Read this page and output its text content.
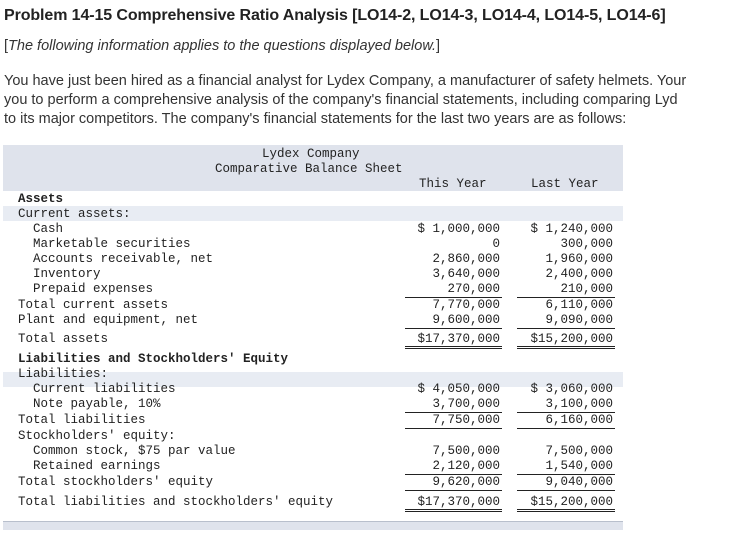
Problem 14-15 Comprehensive Ratio Analysis [LO14-2, LO14-3, LO14-4, LO14-5, LO14-6]
[The following information applies to the questions displayed below.]
You have just been hired as a financial analyst for Lydex Company, a manufacturer of safety helmets. Your
you to perform a comprehensive analysis of the company's financial statements, including comparing Lyd
to its major competitors. The company's financial statements for the last two years are as follows:
Lydex Company
Comparative Balance Sheet
This Year	Last Year
Assets
Current assets:
Cash	$ 1,000,000	$ 1,240,000
Marketable securities	0	300,000
Accounts receivable, net	2,860,000	1,960,000
Inventory	3,640,000	2,400,000
Prepaid expenses	270,000	210,000
Total current assets	7,770,000	6,110,000
Plant and equipment, net	9,600,000	9,090,000
Total assets	$17,370,000	$15,200,000
Liabilities and Stockholders' Equity
Liabilities:
Current liabilities	$ 4,050,000	$ 3,060,000
Note payable, 10%	3,700,000	3,100,000
Total liabilities	7,750,000	6,160,000
Stockholders' equity:
Common stock, $75 par value	7,500,000	7,500,000
Retained earnings	2,120,000	1,540,000
Total stockholders' equity	9,620,000	9,040,000
Total liabilities and stockholders' equity	$17,370,000	$15,200,000
